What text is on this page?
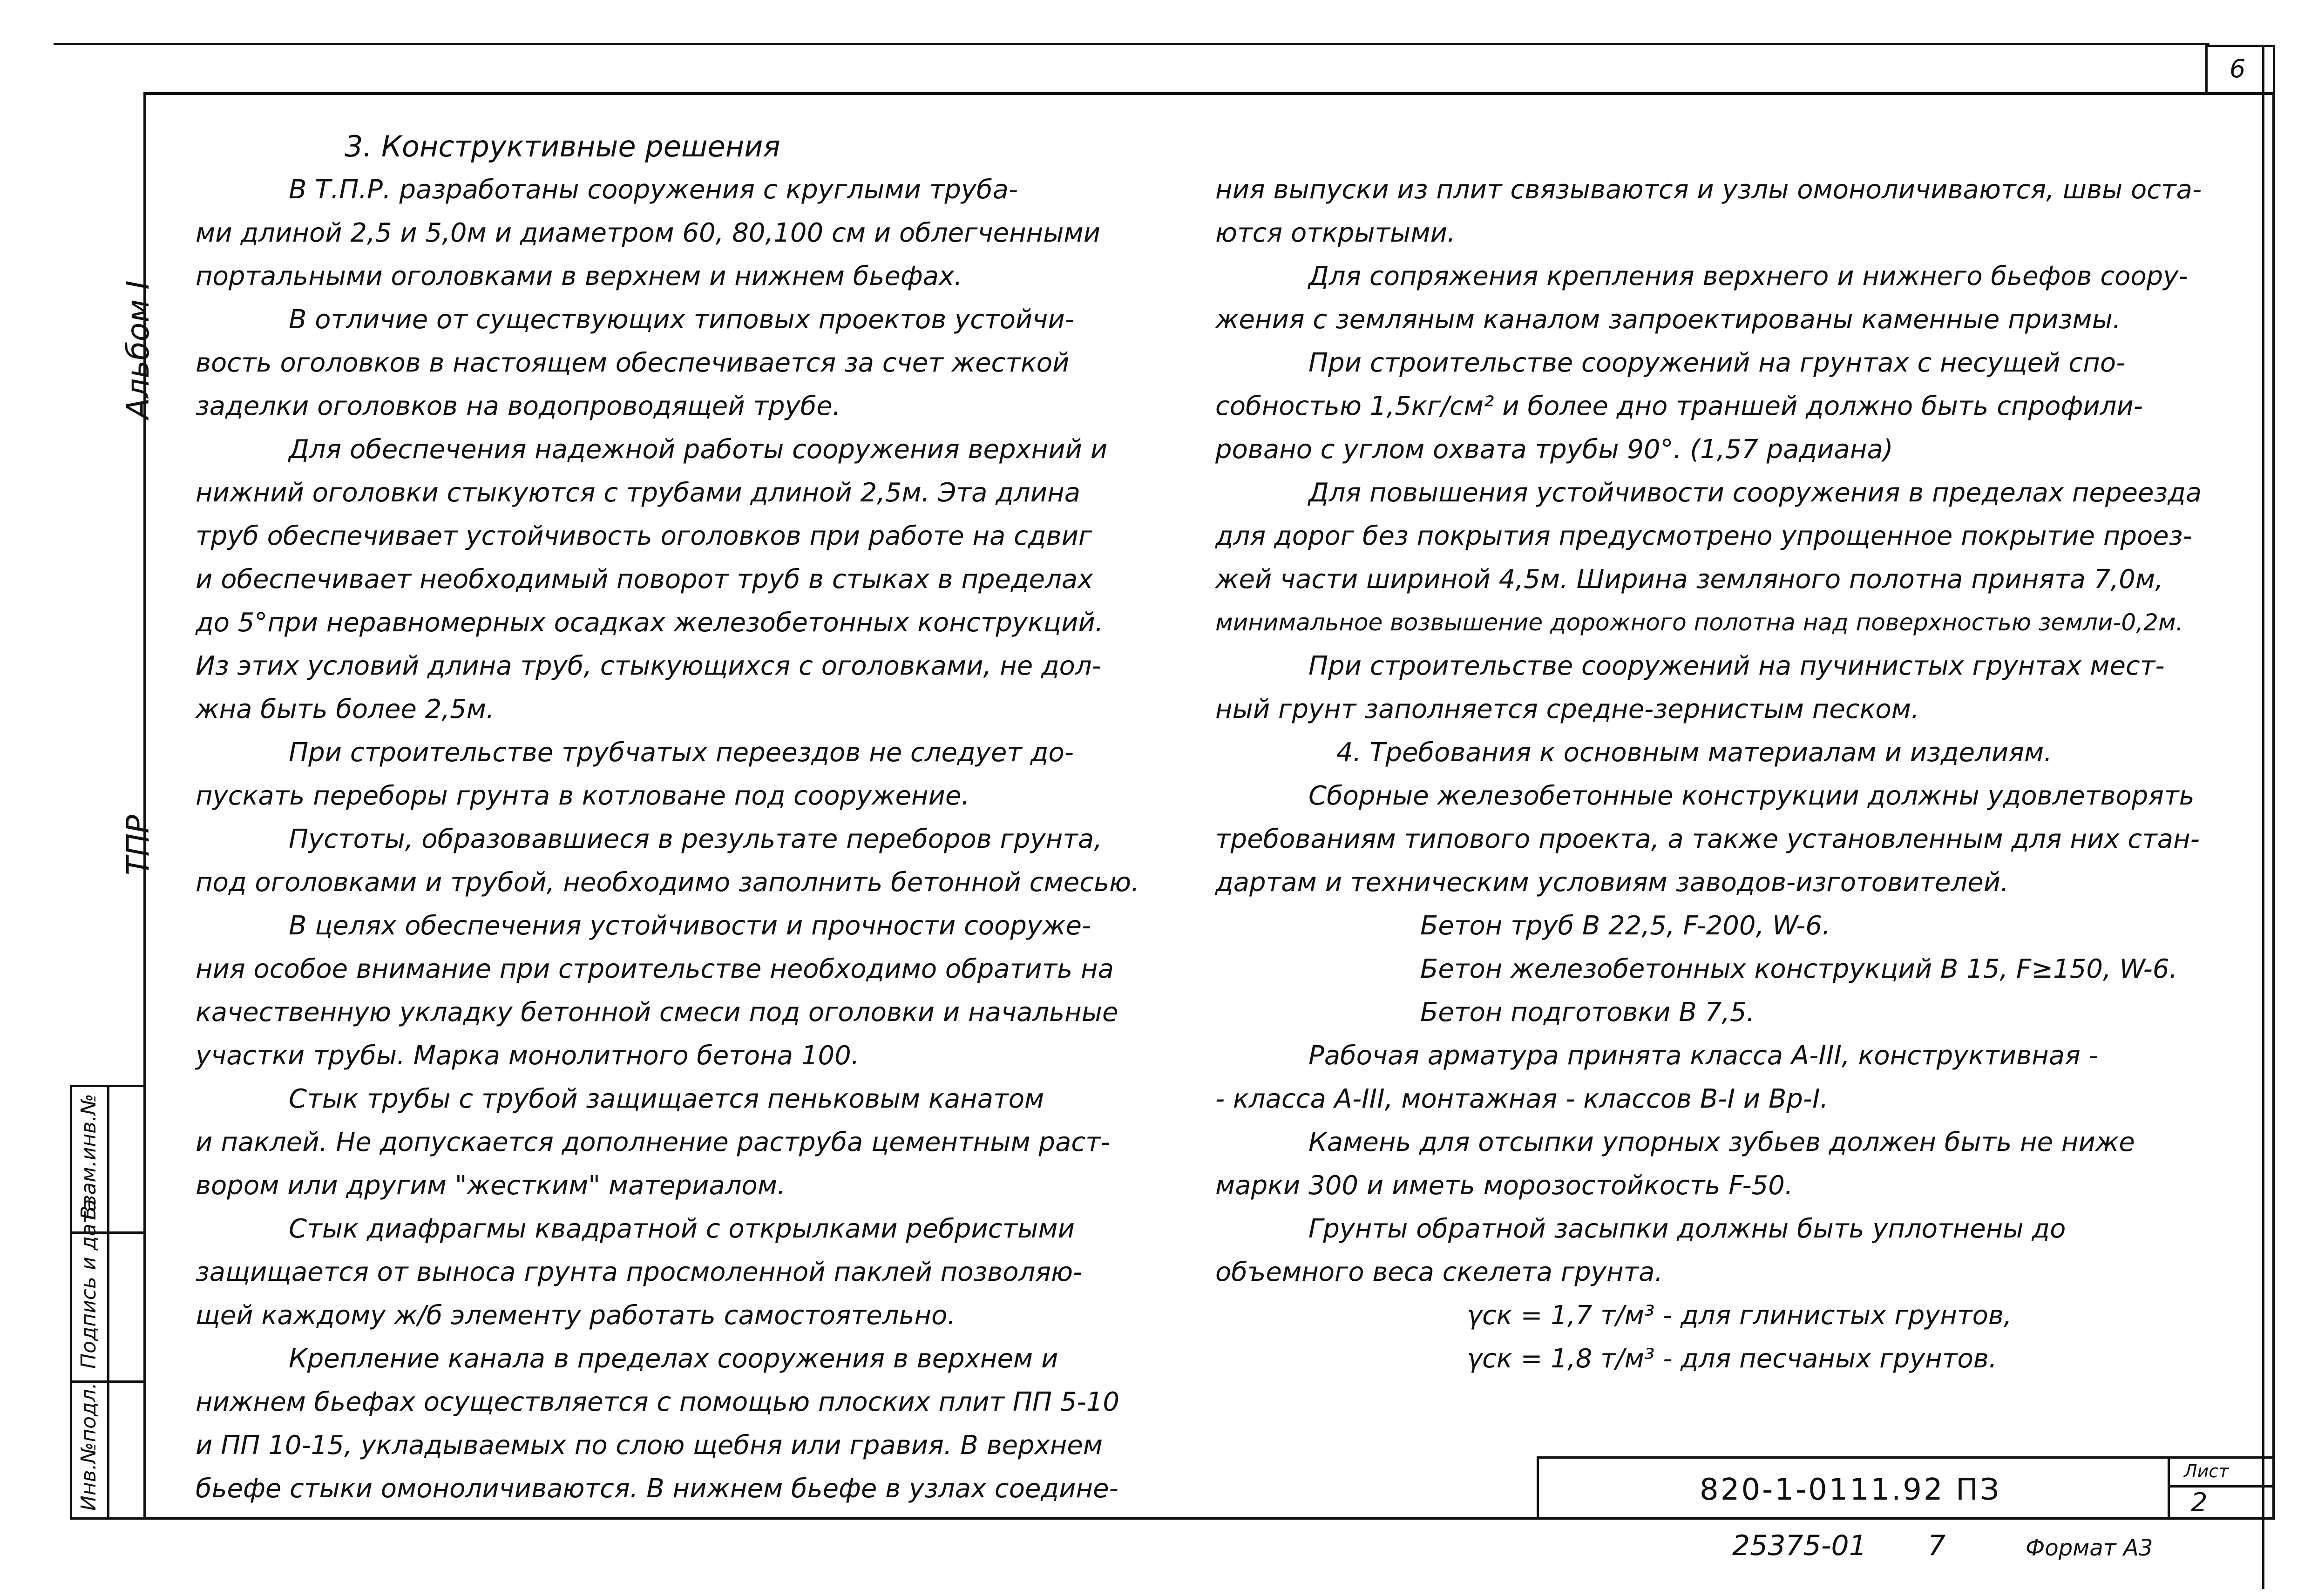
6
Альбом I
ТПР
Взам.инв.№
Подпись и дата
Инв.№подл.	820-1-0111.92 ПЗ
Лист
2
25375-01 7	Формат А3

3. Конструктивные решения

В Т.П.Р. разработаны сооружения с круглыми труба-

ми длиной 2,5 и 5,0м и диаметром 60, 80,100 см и облегченными

портальными оголовками в верхнем и нижнем бьефах.

В отличие от существующих типовых проектов устойчи-

вость оголовков в настоящем обеспечивается за счет жесткой

заделки оголовков на водопроводящей трубе.

Для обеспечения надежной работы сооружения верхний и

нижний оголовки стыкуются с трубами длиной 2,5м. Эта длина

труб обеспечивает устойчивость оголовков при работе на сдвиг

и обеспечивает необходимый поворот труб в стыках в пределах

до 5°при неравномерных осадках железобетонных конструкций.

Из этих условий длина труб, стыкующихся с оголовками, не дол-

жна быть более 2,5м.

При строительстве трубчатых переездов не следует до-

пускать переборы грунта в котловане под сооружение.

Пустоты, образовавшиеся в результате переборов грунта,

под оголовками и трубой, необходимо заполнить бетонной смесью.

В целях обеспечения устойчивости и прочности сооруже-

ния особое внимание при строительстве необходимо обратить на

качественную укладку бетонной смеси под оголовки и начальные

участки трубы. Марка монолитного бетона 100.

Стык трубы с трубой защищается пеньковым канатом

и паклей. Не допускается дополнение раструба цементным раст-

вором или другим "жестким" материалом.

Стык диафрагмы квадратной с открылками ребристыми

защищается от выноса грунта просмоленной паклей позволяю-

щей каждому ж/б элементу работать самостоятельно.

Крепление канала в пределах сооружения в верхнем и

нижнем бьефах осуществляется с помощью плоских плит ПП 5-10

и ПП 10-15, укладываемых по слою щебня или гравия. В верхнем

бьефе стыки омоноличиваются. В нижнем бьефе в узлах соедине-

ния выпуски из плит связываются и узлы омоноличиваются, швы оста-

ются открытыми.

Для сопряжения крепления верхнего и нижнего бьефов соору-

жения с земляным каналом запроектированы каменные призмы.

При строительстве сооружений на грунтах с несущей спо-

собностью 1,5кг/см² и более дно траншей должно быть спрофили-

ровано с углом охвата трубы 90°. (1,57 радиана)

Для повышения устойчивости сооружения в пределах переезда

для дорог без покрытия предусмотрено упрощенное покрытие проез-

жей части шириной 4,5м. Ширина земляного полотна принята 7,0м,

минимальное возвышение дорожного полотна над поверхностью земли-0,2м.

При строительстве сооружений на пучинистых грунтах мест-

ный грунт заполняется средне-зернистым песком.

4. Требования к основным материалам и изделиям.

Сборные железобетонные конструкции должны удовлетворять

требованиям типового проекта, а также установленным для них стан-

дартам и техническим условиям заводов-изготовителей.

Бетон труб В 22,5, F-200, W-6.

Бетон железобетонных конструкций В 15, F≥150, W-6.

Бетон подготовки В 7,5.

Рабочая арматура принята класса А-III, конструктивная -

- класса А-III, монтажная - классов В-I и Вр-I.

Камень для отсыпки упорных зубьев должен быть не ниже

марки 300 и иметь морозостойкость F-50.

Грунты обратной засыпки должны быть уплотнены до

объемного веса скелета грунта.

γск = 1,7 т/м³ - для глинистых грунтов,

γск = 1,8 т/м³ - для песчаных грунтов.
